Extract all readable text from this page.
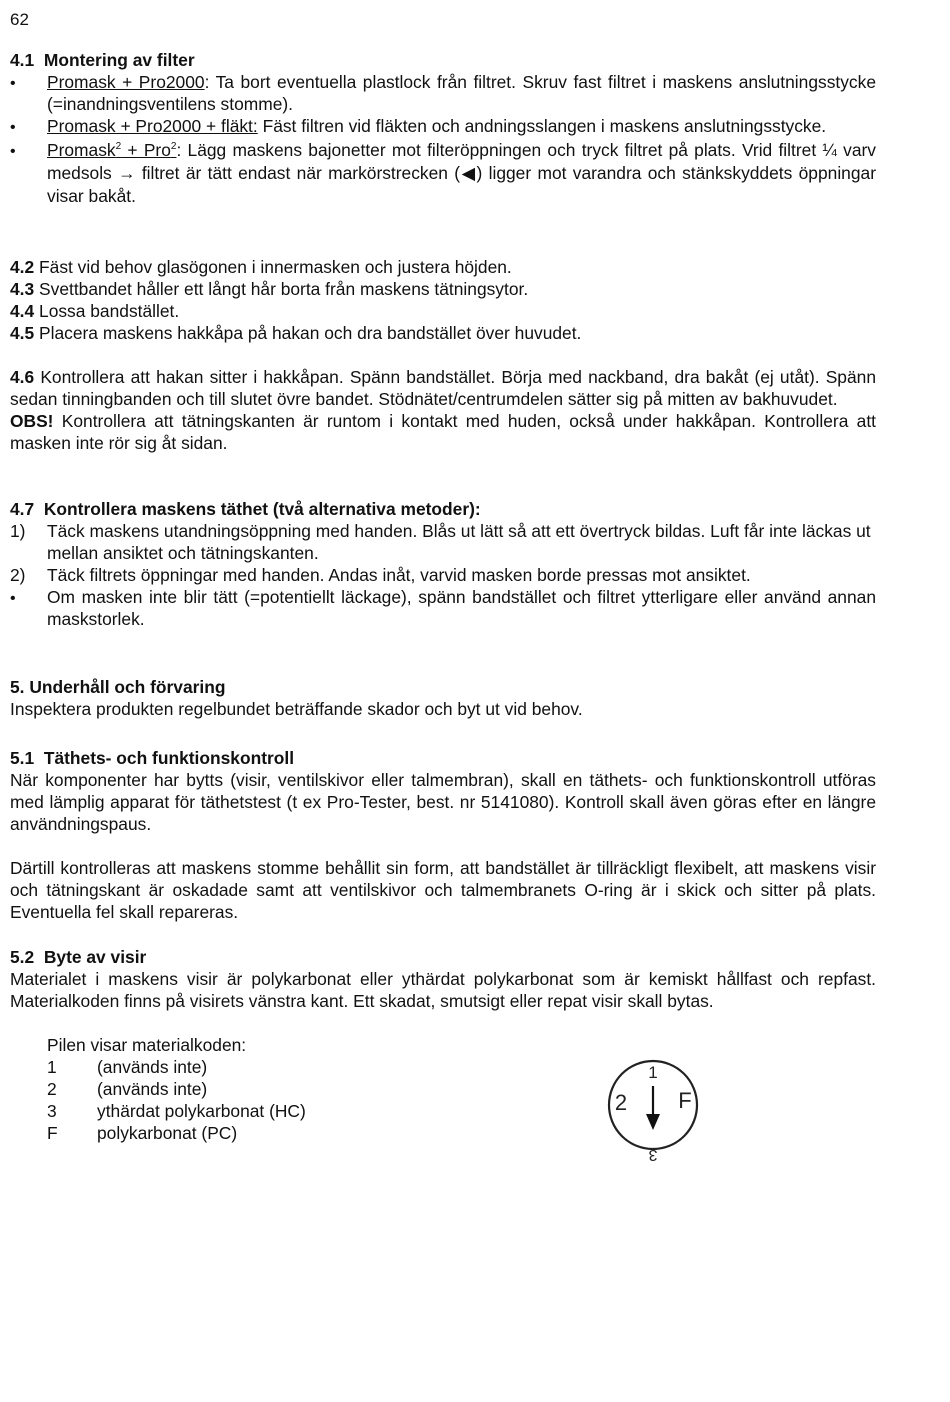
62
4.1 Montering av filter
•
Promask + Pro2000: Ta bort eventuella plastlock från filtret. Skruv fast filtret i maskens anslutningsstycke (=inandningsventilens stomme).
•
Promask + Pro2000 + fläkt: Fäst filtren vid fläkten och andningsslangen i maskens anslutningsstycke.
•
Promask$^2$ + Pro$^2$: Lägg maskens bajonetter mot filteröppningen och tryck filtret på plats. Vrid filtret ¼ varv medsols → filtret är tätt endast när markörstrecken (◀) ligger mot varandra och stänkskyddets öppningar visar bakåt.
4.2 Fäst vid behov glasögonen i innermasken och justera höjden.
4.3 Svettbandet håller ett långt hår borta från maskens tätningsytor.
4.4 Lossa bandstället.
4.5 Placera maskens hakkåpa på hakan och dra bandstället över huvudet.
4.6 Kontrollera att hakan sitter i hakkåpan. Spänn bandstället. Börja med nackband, dra bakåt (ej utåt). Spänn sedan tinningbanden och till slutet övre bandet. Stödnätet/centrumdelen sätter sig på mitten av bakhuvudet.
OBS! Kontrollera att tätningskanten är runtom i kontakt med huden, också under hakkåpan. Kontrollera att masken inte rör sig åt sidan.
4.7 Kontrollera maskens täthet (två alternativa metoder):
1) Täck maskens utandningsöppning med handen. Blås ut lätt så att ett övertryck bildas. Luft får inte läckas ut mellan ansiktet och tätningskanten.
2) Täck filtrets öppningar med handen. Andas inåt, varvid masken borde pressas mot ansiktet.
•
Om masken inte blir tätt (=potentiellt läckage), spänn bandstället och filtret ytterligare eller använd annan maskstorlek.
5. Underhåll och förvaring
Inspektera produkten regelbundet beträffande skador och byt ut vid behov.
5.1  Täthets- och funktionskontroll
När komponenter har bytts (visir, ventilskivor eller talmembran), skall en täthets- och funktionskontroll utföras med lämplig apparat för täthetstest (t ex Pro-Tester, best. nr 5141080). Kontroll skall även göras efter en längre användningspaus.
Därtill kontrolleras att maskens stomme behållit sin form, att bandstället är tillräckligt flexibelt, att maskens visir och tätningskant är oskadade samt att ventilskivor och talmembranets O-ring är i skick och sitter på plats. Eventuella fel skall repareras.
5.2  Byte av visir
Materialet i maskens visir är polykarbonat eller ythärdat polykarbonat som är kemiskt hållfast och repfast. Materialkoden finns på visirets vänstra kant. Ett skadat, smutsigt eller repat visir skall bytas.
Pilen visar materialkoden:
1	(används inte)
2	(används inte)
3	ythärdat polykarbonat (HC)
F	polykarbonat (PC)
1
2 F
3
